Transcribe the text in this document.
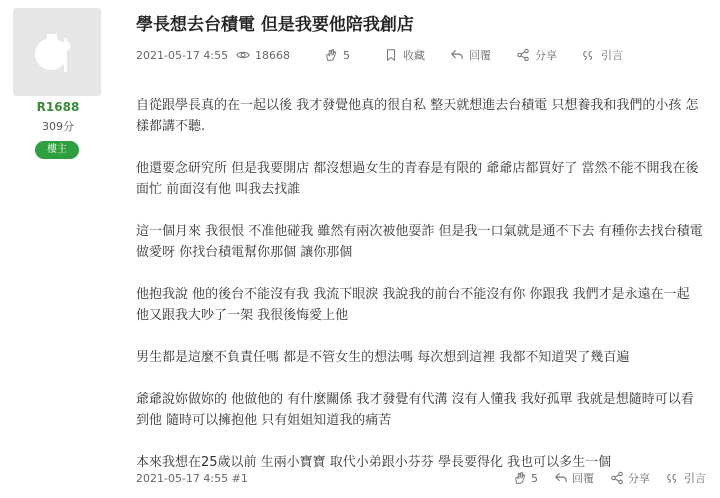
R1688
309分
樓主
學長想去台積電 但是我要他陪我創店
2021-05-17 4:55	18668	5	收藏	回覆	分享	引言

自從跟學長真的在一起以後 我才發覺他真的很自私 整天就想進去台積電 只想養我和我們的小孩 怎樣都講不聽.

他還要念研究所 但是我要開店 都沒想過女生的青春是有限的 爺爺店都買好了 當然不能不開我在後面忙 前面沒有他 叫我去找誰

這一個月來 我很恨 不准他碰我 雖然有兩次被他耍詐 但是我一口氣就是通不下去 有種你去找台積電做愛呀 你找台積電幫你那個 讓你那個

他抱我說 他的後台不能沒有我 我流下眼淚 我說我的前台不能沒有你 你跟我 我們才是永遠在一起 他又跟我大吵了一架 我很後悔愛上他

男生都是這麼不負責任嗎 都是不管女生的想法嗎 每次想到這裡 我都不知道哭了幾百遍

爺爺說妳做妳的 他做他的 有什麼關係 我才發覺有代溝 沒有人懂我 我好孤單 我就是想隨時可以看到他 隨時可以擁抱他 只有姐姐知道我的痛苦

本來我想在25歲以前 生兩小寶寶 取代小弟跟小芬芬 學長要得化 我也可以多生一個

2021-05-17 4:55 #1	5	回覆	分享	引言
